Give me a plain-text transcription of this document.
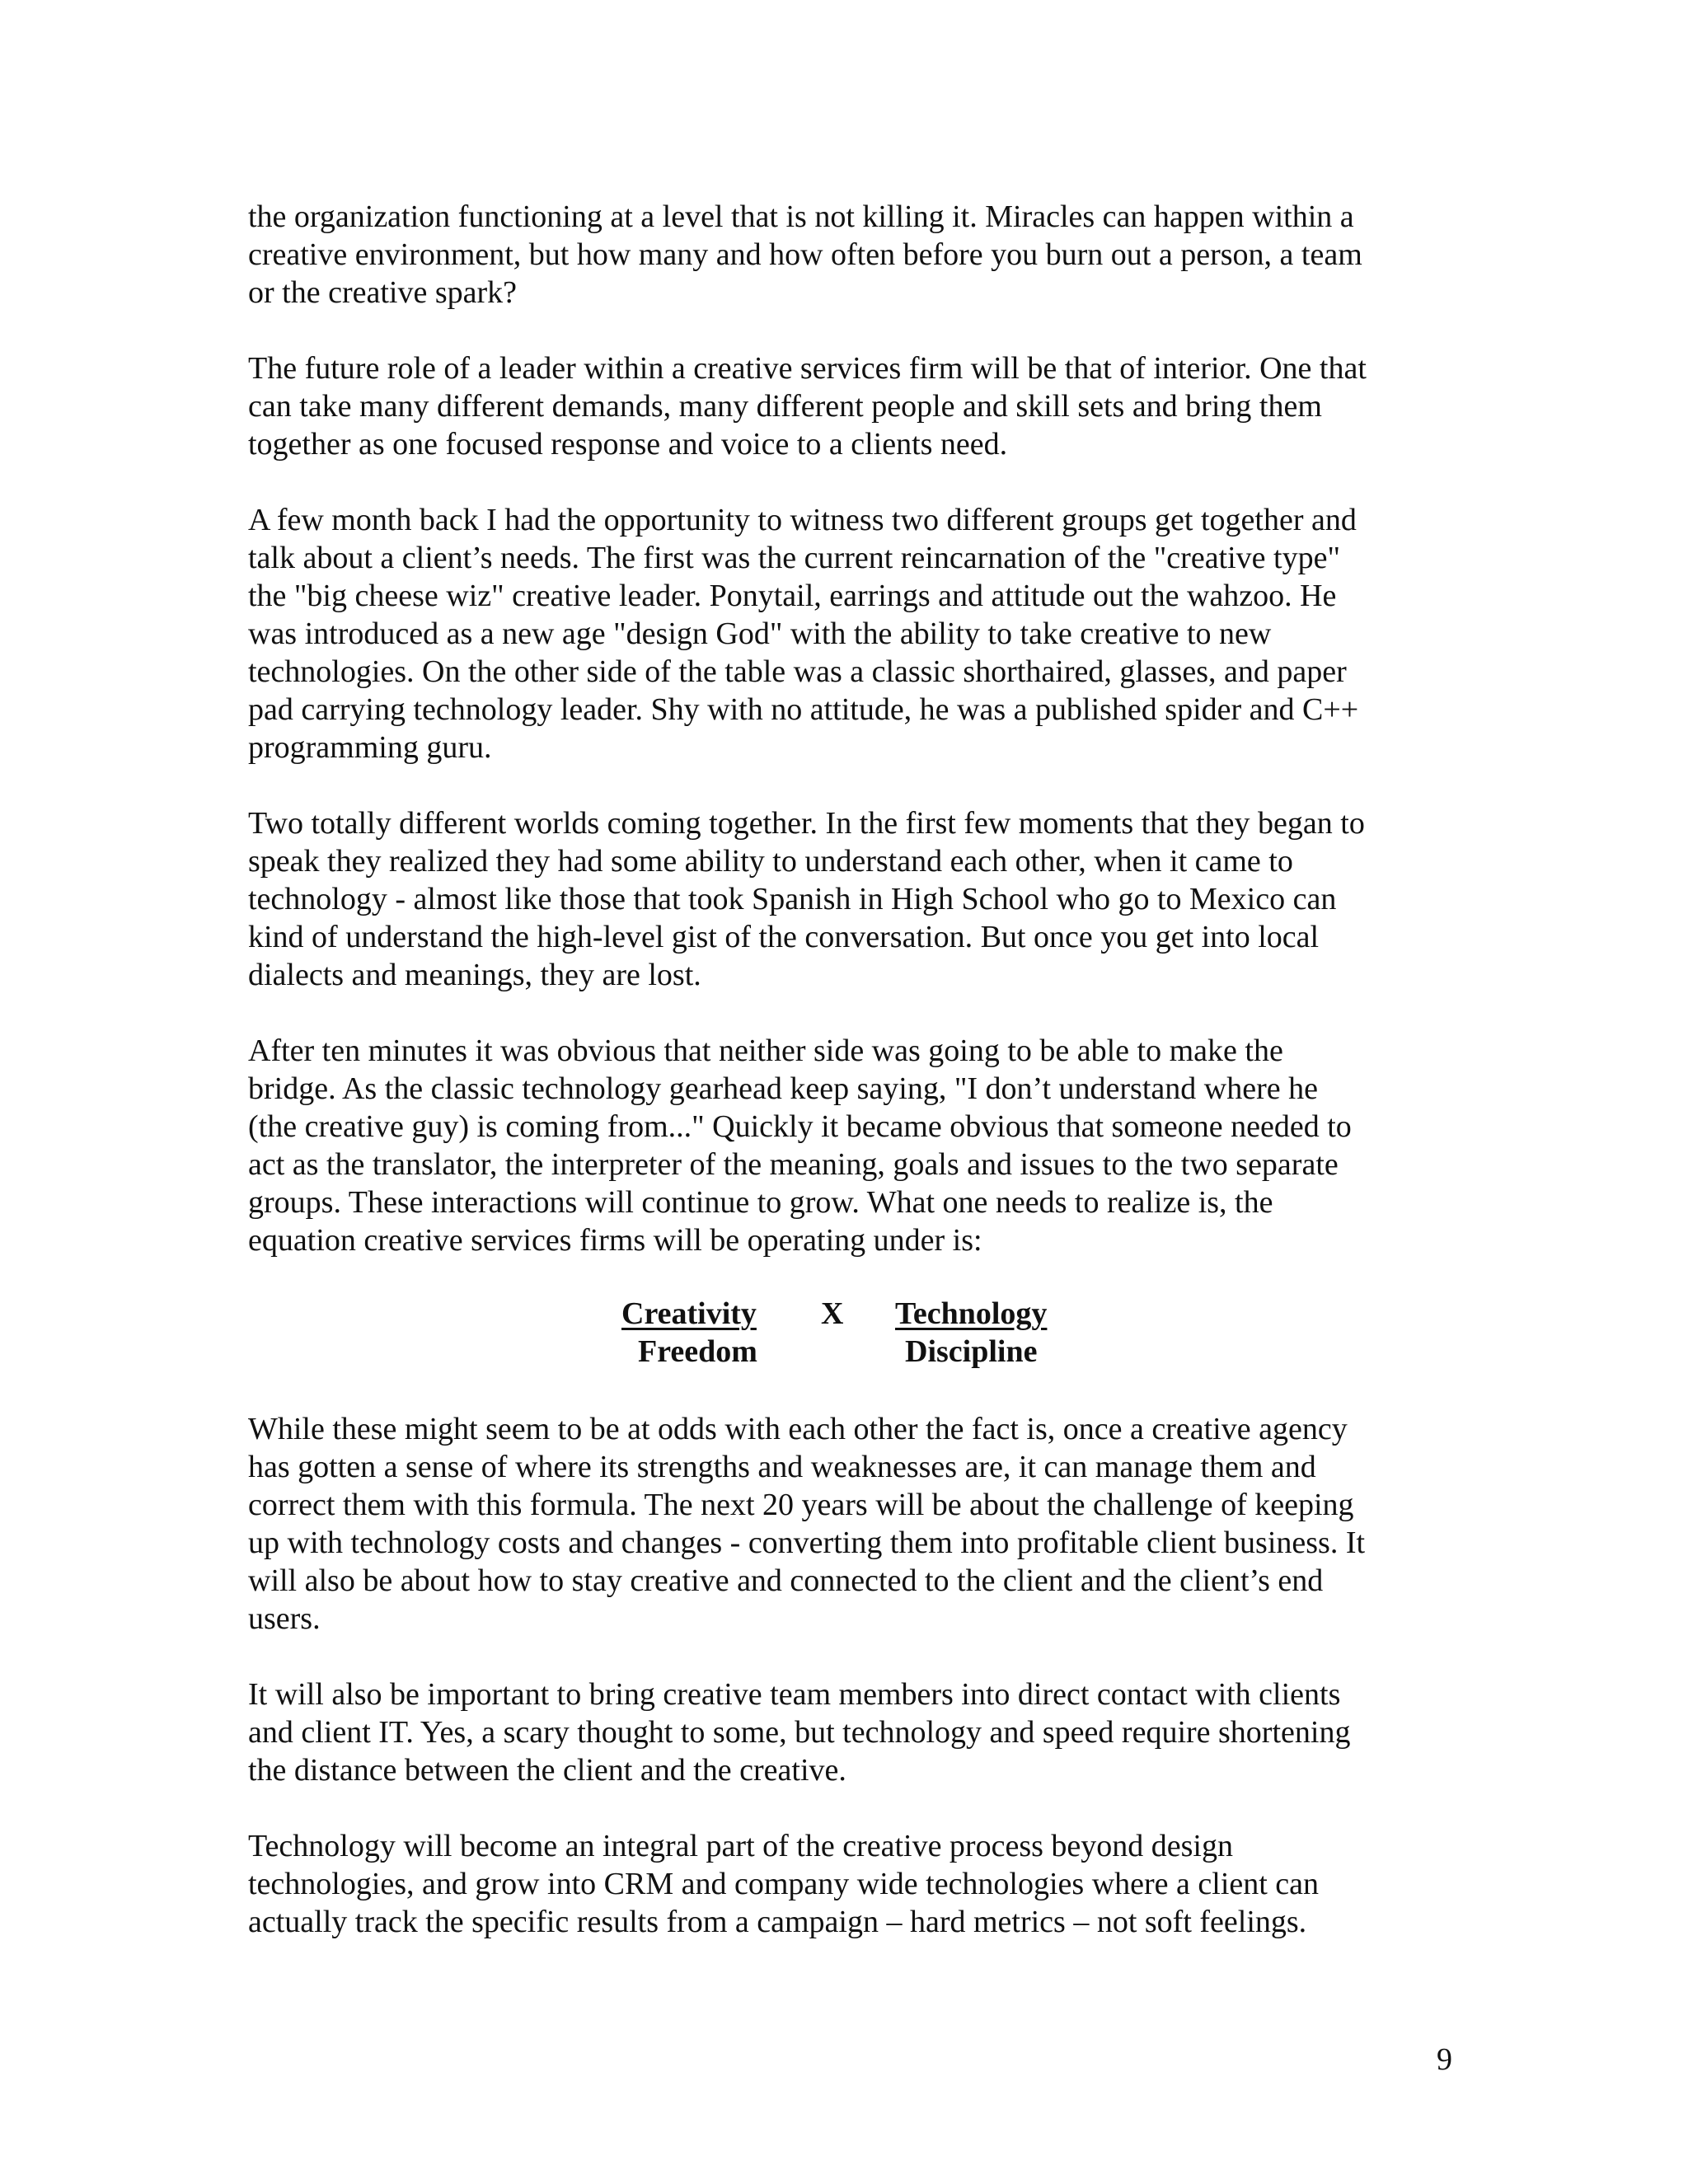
the organization functioning at a level that is not killing it. Miracles can happen within a
creative environment, but how many and how often before you burn out a person, a team
or the creative spark?
The future role of a leader within a creative services firm will be that of interior. One that
can take many different demands, many different people and skill sets and bring them
together as one focused response and voice to a clients need.
A few month back I had the opportunity to witness two different groups get together and
talk about a client’s needs. The first was the current reincarnation of the "creative type"
the "big cheese wiz" creative leader. Ponytail, earrings and attitude out the wahzoo. He
was introduced as a new age "design God" with the ability to take creative to new
technologies. On the other side of the table was a classic shorthaired, glasses, and paper
pad carrying technology leader. Shy with no attitude, he was a published spider and C++
programming guru.
Two totally different worlds coming together. In the first few moments that they began to
speak they realized they had some ability to understand each other, when it came to
technology - almost like those that took Spanish in High School who go to Mexico can
kind of understand the high-level gist of the conversation. But once you get into local
dialects and meanings, they are lost.
After ten minutes it was obvious that neither side was going to be able to make the
bridge. As the classic technology gearhead keep saying, "I don’t understand where he
(the creative guy) is coming from..." Quickly it became obvious that someone needed to
act as the translator, the interpreter of the meaning, goals and issues to the two separate
groups. These interactions will continue to grow. What one needs to realize is, the
equation creative services firms will be operating under is:
Creativity X Technology
Freedom	Discipline
While these might seem to be at odds with each other the fact is, once a creative agency
has gotten a sense of where its strengths and weaknesses are, it can manage them and
correct them with this formula. The next 20 years will be about the challenge of keeping
up with technology costs and changes - converting them into profitable client business. It
will also be about how to stay creative and connected to the client and the client’s end
users.
It will also be important to bring creative team members into direct contact with clients
and client IT. Yes, a scary thought to some, but technology and speed require shortening
the distance between the client and the creative.
Technology will become an integral part of the creative process beyond design
technologies, and grow into CRM and company wide technologies where a client can
actually track the specific results from a campaign – hard metrics – not soft feelings.
9
